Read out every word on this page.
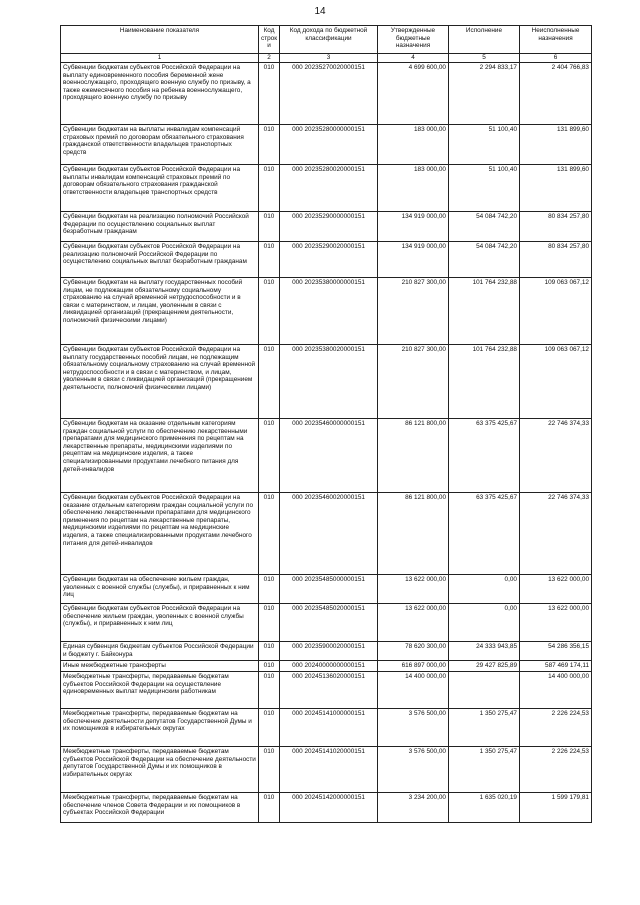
14
Наименование показателя	Код строк и	Код дохода по бюджетной классификации	Утвержденные бюджетные назначения	Исполнение	Неисполненные назначения
1	2	3	4	5	6
Субвенции бюджетам субъектов Российской Федерации на выплату единовременного пособия беременной жене военнослужащего, проходящего военную службу по призыву, а также ежемесячного пособия на ребенка военнослужащего, проходящего военную службу по призыву	010	000 20235270020000151	4 699 600,00	2 294 833,17	2 404 766,83
Субвенции бюджетам на выплаты инвалидам компенсаций страховых премий по договорам обязательного страхования гражданской ответственности владельцев транспортных средств	010	000 20235280000000151	183 000,00	51 100,40	131 899,60
Субвенции бюджетам субъектов Российской Федерации на выплаты инвалидам компенсаций страховых премий по договорам обязательного страхования гражданской ответственности владельцев транспортных средств	010	000 20235280020000151	183 000,00	51 100,40	131 899,60
Субвенции бюджетам на реализацию полномочий Российской Федерации по осуществлению социальных выплат безработным гражданам	010	000 20235290000000151	134 919 000,00	54 084 742,20	80 834 257,80
Субвенции бюджетам субъектов Российской Федерации на реализацию полномочий Российской Федерации по осуществлению социальных выплат безработным гражданам	010	000 20235290020000151	134 919 000,00	54 084 742,20	80 834 257,80
Субвенции бюджетам на выплату государственных пособий лицам, не подлежащим обязательному социальному страхованию на случай временной нетрудоспособности и в связи с материнством, и лицам, уволенным в связи с ликвидацией организаций (прекращением деятельности, полномочий физическими лицами)	010	000 20235380000000151	210 827 300,00	101 764 232,88	109 063 067,12
Субвенции бюджетам субъектов Российской Федерации на выплату государственных пособий лицам, не подлежащим обязательному социальному страхованию на случай временной нетрудоспособности и в связи с материнством, и лицам, уволенным в связи с ликвидацией организаций (прекращением деятельности, полномочий физическими лицами)	010	000 20235380020000151	210 827 300,00	101 764 232,88	109 063 067,12
Субвенции бюджетам на оказание отдельным категориям граждан социальной услуги по обеспечению лекарственными препаратами для медицинского применения по рецептам на лекарственные препараты, медицинскими изделиями по рецептам на медицинские изделия, а также специализированными продуктами лечебного питания для детей-инвалидов	010	000 20235460000000151	86 121 800,00	63 375 425,67	22 746 374,33
Субвенции бюджетам субъектов Российской Федерации на оказание отдельным категориям граждан социальной услуги по обеспечению лекарственными препаратами для медицинского применения по рецептам на лекарственные препараты, медицинскими изделиями по рецептам на медицинские изделия, а также специализированными продуктами лечебного питания для детей-инвалидов	010	000 20235460020000151	86 121 800,00	63 375 425,67	22 746 374,33
Субвенции бюджетам на обеспечение жильем граждан, уволенных с военной службы (службы), и приравненных к ним лиц	010	000 20235485000000151	13 622 000,00	0,00	13 622 000,00
Субвенции бюджетам субъектов Российской Федерации на обеспечение жильем граждан, уволенных с военной службы (службы), и приравненных к ним лиц	010	000 20235485020000151	13 622 000,00	0,00	13 622 000,00
Единая субвенция бюджетам субъектов Российской Федерации и бюджету г. Байконура	010	000 20235900020000151	78 620 300,00	24 333 943,85	54 286 356,15
Иные межбюджетные трансферты	010	000 20240000000000151	616 897 000,00	29 427 825,89	587 469 174,11
Межбюджетные трансферты, передаваемые бюджетам субъектов Российской Федерации на осуществление единовременных выплат медицинским работникам	010	000 20245136020000151	14 400 000,00		14 400 000,00
Межбюджетные трансферты, передаваемые бюджетам на обеспечение деятельности депутатов Государственной Думы и их помощников в избирательных округах	010	000 20245141000000151	3 576 500,00	1 350 275,47	2 226 224,53
Межбюджетные трансферты, передаваемые бюджетам субъектов Российской Федерации на обеспечение деятельности депутатов Государственной Думы и их помощников в избирательных округах	010	000 20245141020000151	3 576 500,00	1 350 275,47	2 226 224,53
Межбюджетные трансферты, передаваемые бюджетам на обеспечение членов Совета Федерации и их помощников в субъектах Российской Федерации	010	000 20245142000000151	3 234 200,00	1 635 020,19	1 599 179,81
